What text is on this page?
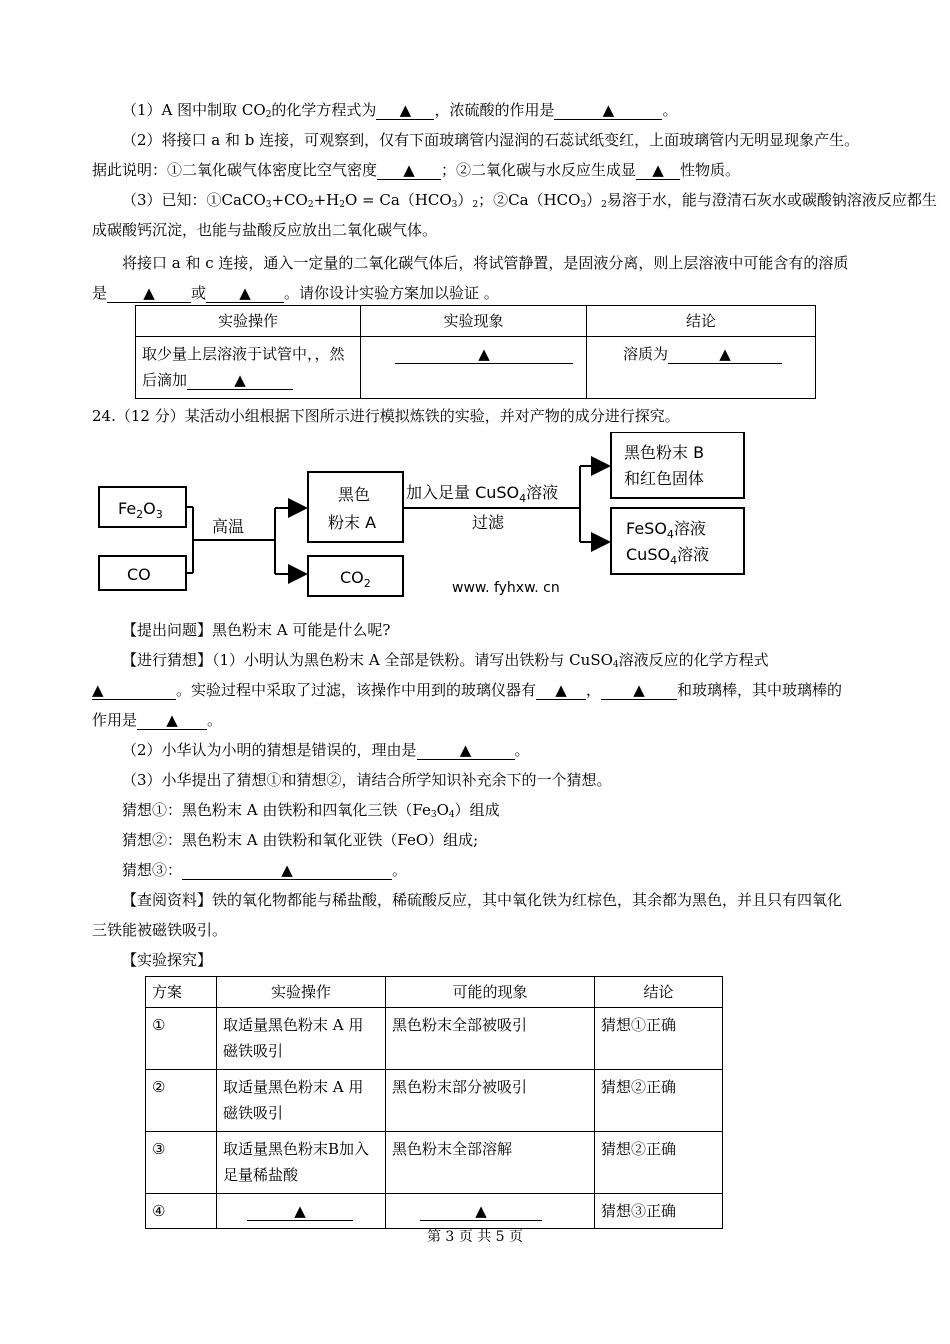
（1）A 图中制取 $CO_2$的化学方程式为 ▲ ，浓硫酸的作用是	▲	。
（2）将接口 a 和 b 连接，可观察到，仅有下面玻璃管内湿润的石蕊试纸变红，上面玻璃管内无明显现象产生。
据此说明：①二氧化碳气体密度比空气密度 ▲ ；②二氧化碳与水反应生成显 ▲ 性物质。
（3）已知：$①CaCO_3+CO_2+H_2O = Ca(HCO_3)_2$；$②Ca(HCO_3)_2$易溶于水，能与澄清石灰水或碳酸钠溶液反应都生
成碳酸钙沉淀，也能与盐酸反应放出二氧化碳气体。
将接口 a 和 c 连接，通入一定量的二氧化碳气体后，将试管静置，是固液分离，则上层溶液中可能含有的溶质
是 ▲ 或 ▲ 。请你设计实验方案加以验证 。
实验操作	实验现象	结论

取少量上层溶液于试管中，，然
后滴加 ▲	▲	溶质为 ▲
24.（12 分）某活动小组根据下图所示进行模拟炼铁的实验，并对产物的成分进行探究。
$Fe_2O_3$
CO
高温
黑色
粉末 A
$CO_2$
加入足量 CuSO$_4$溶液
过滤
黑色粉末 B
和红色固体
FeSO$_4$溶液
CuSO$_4$溶液
www. fyhxw. cn
【提出问题】黑色粉末 A 可能是什么呢?
【进行猜想】（1）小明认为黑色粉末 A 全部是铁粉。请写出铁粉与 CuSO$_4$溶液反应的化学方程式
▲	。实验过程中采取了过滤，该操作中用到的玻璃仪器有 ▲ ， ▲ 和玻璃棒，其中玻璃棒的
作用是 ▲ 。
（2）小华认为小明的猜想是错误的，理由是	▲	。
（3）小华提出了猜想①和猜想②，请结合所学知识补充余下的一个猜想。
猜想①：黑色粉末 A 由铁粉和四氧化三铁$(Fe_3O_4)$组成
猜想②：黑色粉末 A 由铁粉和氧化亚铁（FeO）组成;
猜想③：	▲	。
【查阅资料】铁的氧化物都能与稀盐酸，稀硫酸反应，其中氧化铁为红棕色，其余都为黑色，并且只有四氧化
三铁能被磁铁吸引。
【实验探究】
方案	实验操作	可能的现象	结论
①	取适量黑色粉末 A 用
磁铁吸引	黑色粉末全部被吸引	猜想①正确
②	取适量黑色粉末 A 用
磁铁吸引	黑色粉末部分被吸引	猜想②正确
③	取适量黑色粉末B加入
足量稀盐酸	黑色粉末全部溶解	猜想②正确
④	▲	▲	猜想③正确
第 3 页 共 5 页
